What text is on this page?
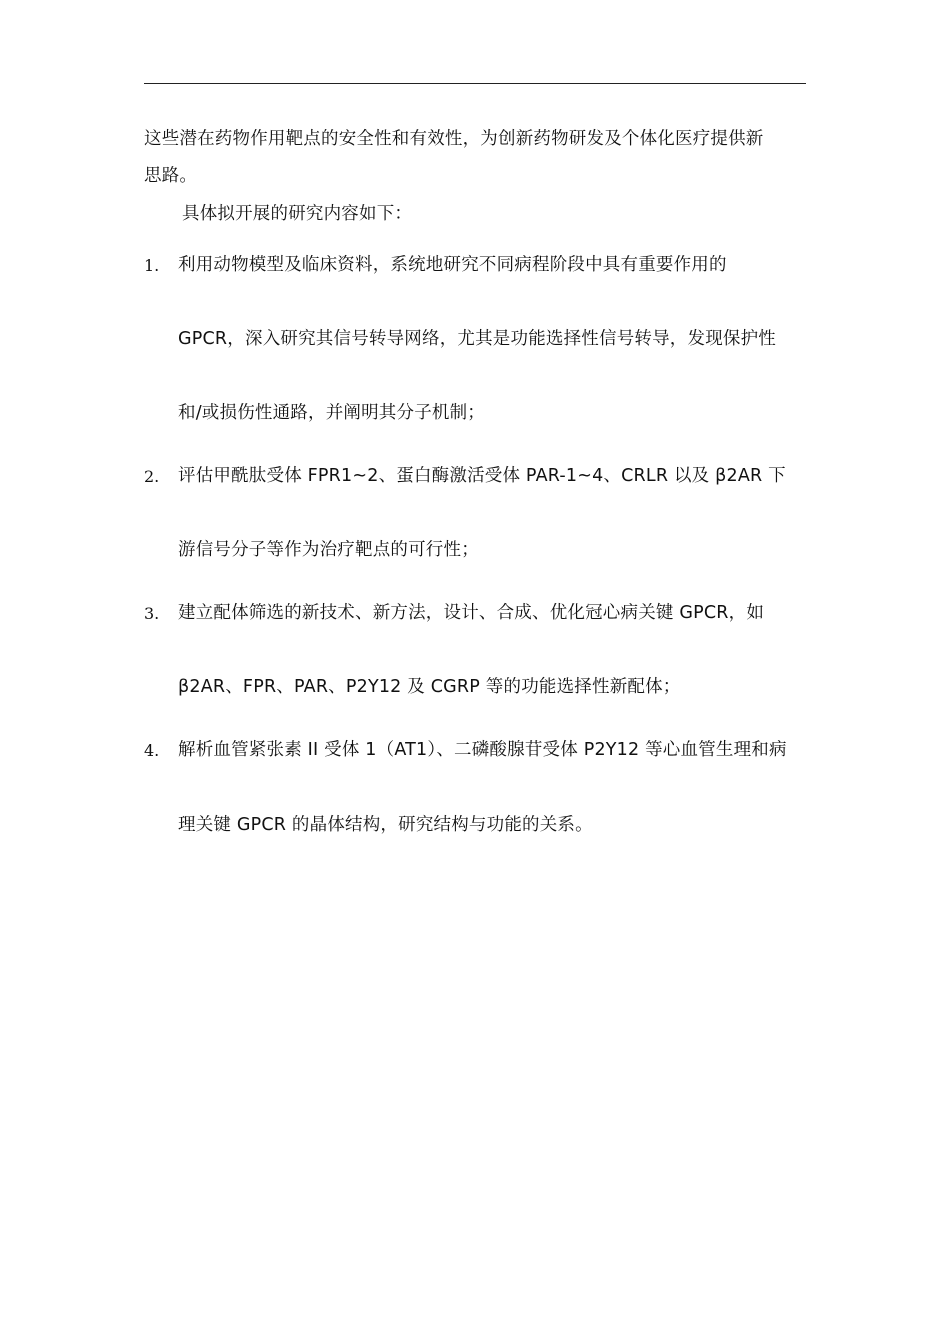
这些潜在药物作用靶点的安全性和有效性，为创新药物研发及个体化医疗提供新
思路。
具体拟开展的研究内容如下：
1. 利用动物模型及临床资料，系统地研究不同病程阶段中具有重要作用的
GPCR，深入研究其信号转导网络，尤其是功能选择性信号转导，发现保护性
和/或损伤性通路，并阐明其分子机制；
2. 评估甲酰肽受体 FPR1~2、蛋白酶激活受体 PAR-1~4、CRLR 以及 β2AR 下
游信号分子等作为治疗靶点的可行性；
3. 建立配体筛选的新技术、新方法，设计、合成、优化冠心病关键 GPCR，如
β2AR、FPR、PAR、P2Y12 及 CGRP 等的功能选择性新配体；
4. 解析血管紧张素 II 受体 1（AT1）、二磷酸腺苷受体 P2Y12 等心血管生理和病
理关键 GPCR 的晶体结构，研究结构与功能的关系。
